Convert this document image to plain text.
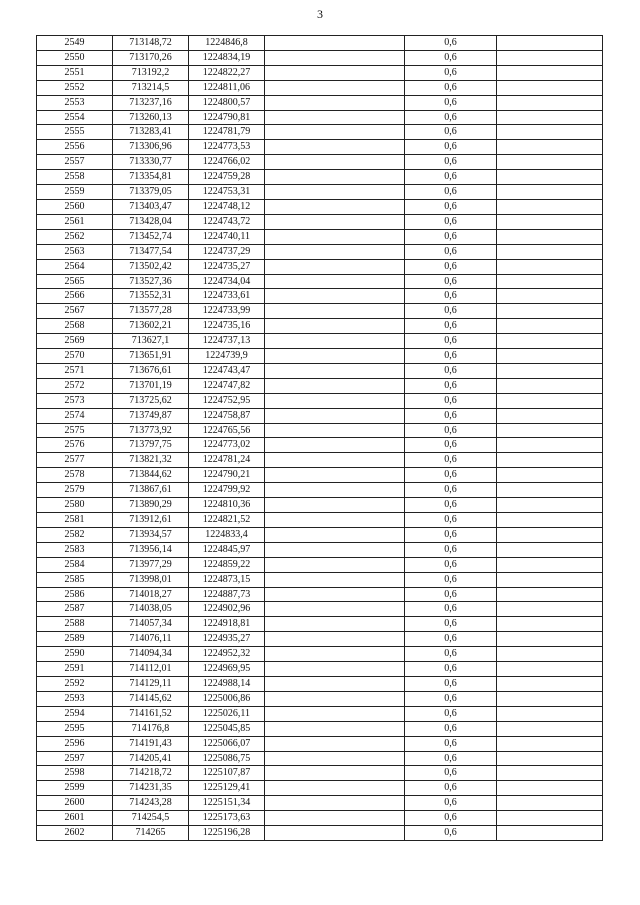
3
2549	713148,72	1224846,8		0,6	
2550	713170,26	1224834,19		0,6	
2551	713192,2	1224822,27		0,6	
2552	713214,5	1224811,06		0,6	
2553	713237,16	1224800,57		0,6	
2554	713260,13	1224790,81		0,6	
2555	713283,41	1224781,79		0,6	
2556	713306,96	1224773,53		0,6	
2557	713330,77	1224766,02		0,6	
2558	713354,81	1224759,28		0,6	
2559	713379,05	1224753,31		0,6	
2560	713403,47	1224748,12		0,6	
2561	713428,04	1224743,72		0,6	
2562	713452,74	1224740,11		0,6	
2563	713477,54	1224737,29		0,6	
2564	713502,42	1224735,27		0,6	
2565	713527,36	1224734,04		0,6	
2566	713552,31	1224733,61		0,6	
2567	713577,28	1224733,99		0,6	
2568	713602,21	1224735,16		0,6	
2569	713627,1	1224737,13		0,6	
2570	713651,91	1224739,9		0,6	
2571	713676,61	1224743,47		0,6	
2572	713701,19	1224747,82		0,6	
2573	713725,62	1224752,95		0,6	
2574	713749,87	1224758,87		0,6	
2575	713773,92	1224765,56		0,6	
2576	713797,75	1224773,02		0,6	
2577	713821,32	1224781,24		0,6	
2578	713844,62	1224790,21		0,6	
2579	713867,61	1224799,92		0,6	
2580	713890,29	1224810,36		0,6	
2581	713912,61	1224821,52		0,6	
2582	713934,57	1224833,4		0,6	
2583	713956,14	1224845,97		0,6	
2584	713977,29	1224859,22		0,6	
2585	713998,01	1224873,15		0,6	
2586	714018,27	1224887,73		0,6	
2587	714038,05	1224902,96		0,6	
2588	714057,34	1224918,81		0,6	
2589	714076,11	1224935,27		0,6	
2590	714094,34	1224952,32		0,6	
2591	714112,01	1224969,95		0,6	
2592	714129,11	1224988,14		0,6	
2593	714145,62	1225006,86		0,6	
2594	714161,52	1225026,11		0,6	
2595	714176,8	1225045,85		0,6	
2596	714191,43	1225066,07		0,6	
2597	714205,41	1225086,75		0,6	
2598	714218,72	1225107,87		0,6	
2599	714231,35	1225129,41		0,6	
2600	714243,28	1225151,34		0,6	
2601	714254,5	1225173,63		0,6	
2602	714265	1225196,28		0,6	
